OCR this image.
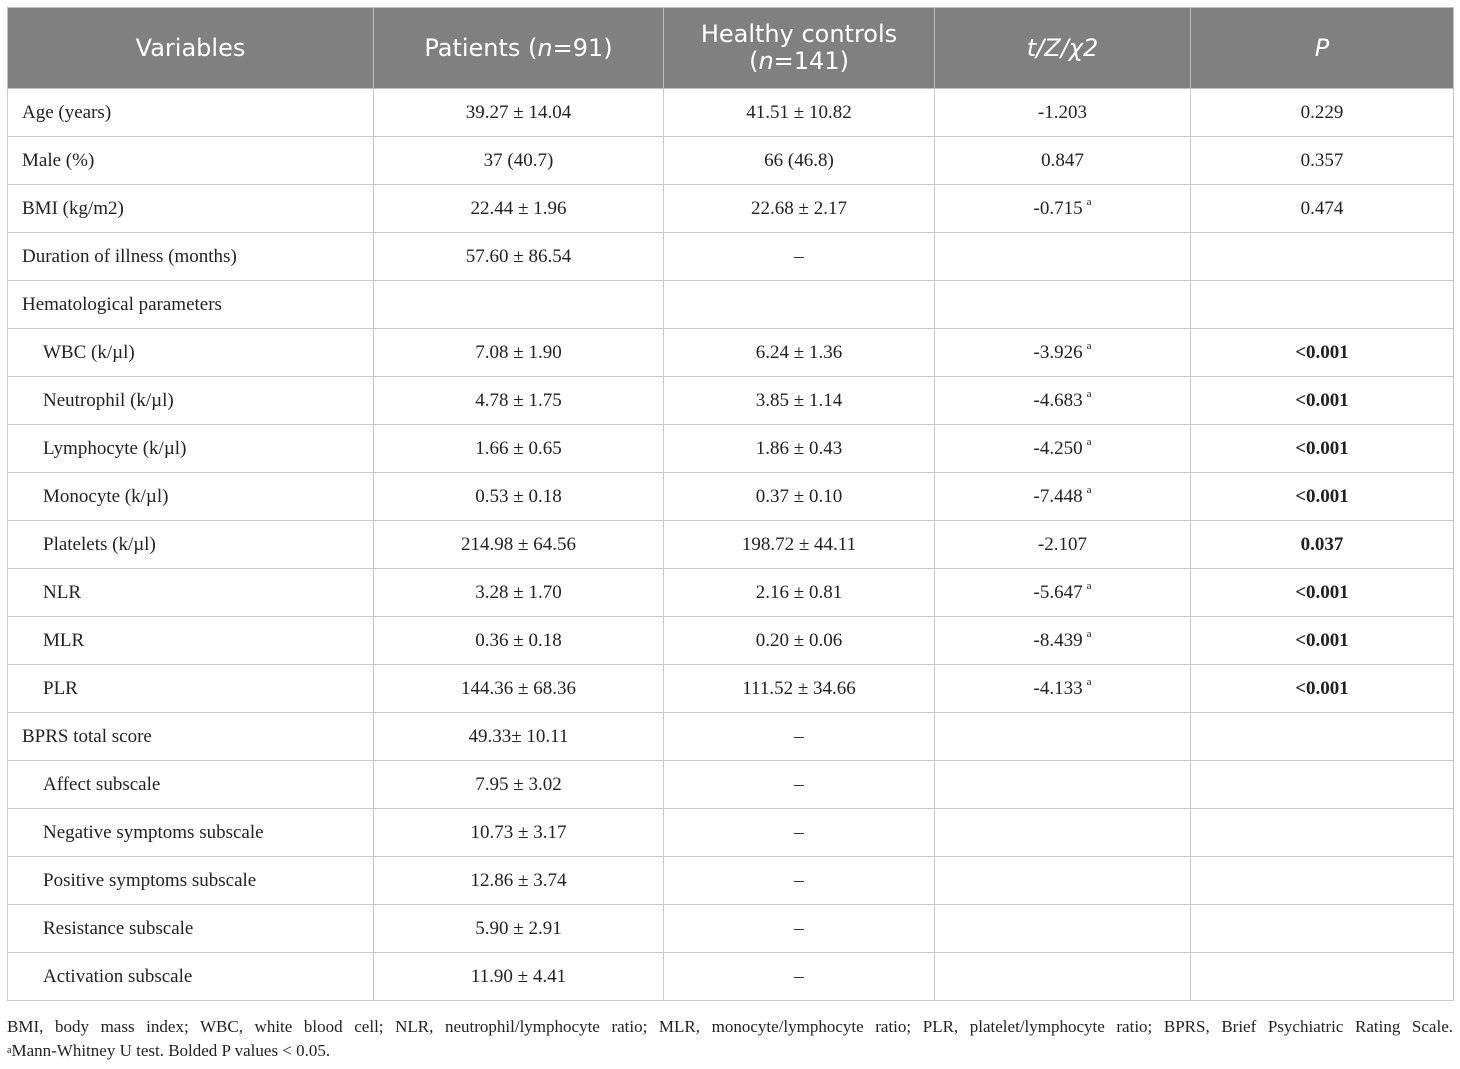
Variables	Patients (n=91)	Healthy controls
(n=141)	t/Z/χ2	P
Age (years)	39.27 ± 14.04	41.51 ± 10.82	-1.203	0.229
Male (%)	37 (40.7)	66 (46.8)	0.847	0.357
BMI (kg/m2)	22.44 ± 1.96	22.68 ± 2.17	-0.715 $^a$	0.474
Duration of illness (months)	57.60 ± 86.54	–		
Hematological parameters				
WBC (k/µl)	7.08 ± 1.90	6.24 ± 1.36	-3.926 $^a$	<0.001
Neutrophil (k/µl)	4.78 ± 1.75	3.85 ± 1.14	-4.683 $^a$	<0.001
Lymphocyte (k/µl)	1.66 ± 0.65	1.86 ± 0.43	-4.250 $^a$	<0.001
Monocyte (k/µl)	0.53 ± 0.18	0.37 ± 0.10	-7.448 $^a$	<0.001
Platelets (k/µl)	214.98 ± 64.56	198.72 ± 44.11	-2.107	0.037
NLR	3.28 ± 1.70	2.16 ± 0.81	-5.647 $^a$	<0.001
MLR	0.36 ± 0.18	0.20 ± 0.06	-8.439 $^a$	<0.001
PLR	144.36 ± 68.36	111.52 ± 34.66	-4.133 $^a$	<0.001
BPRS total score	49.33± 10.11	–		
Affect subscale	7.95 ± 3.02	–		
Negative symptoms subscale	10.73 ± 3.17	–		
Positive symptoms subscale	12.86 ± 3.74	–		
Resistance subscale	5.90 ± 2.91	–		
Activation subscale	11.90 ± 4.41	–		

BMI, body mass index; WBC, white blood cell; NLR, neutrophil/lymphocyte ratio; MLR, monocyte/lymphocyte ratio; PLR, platelet/lymphocyte ratio; BPRS, Brief Psychiatric Rating Scale.

$^a$Mann-Whitney U test. Bolded P values < 0.05.
